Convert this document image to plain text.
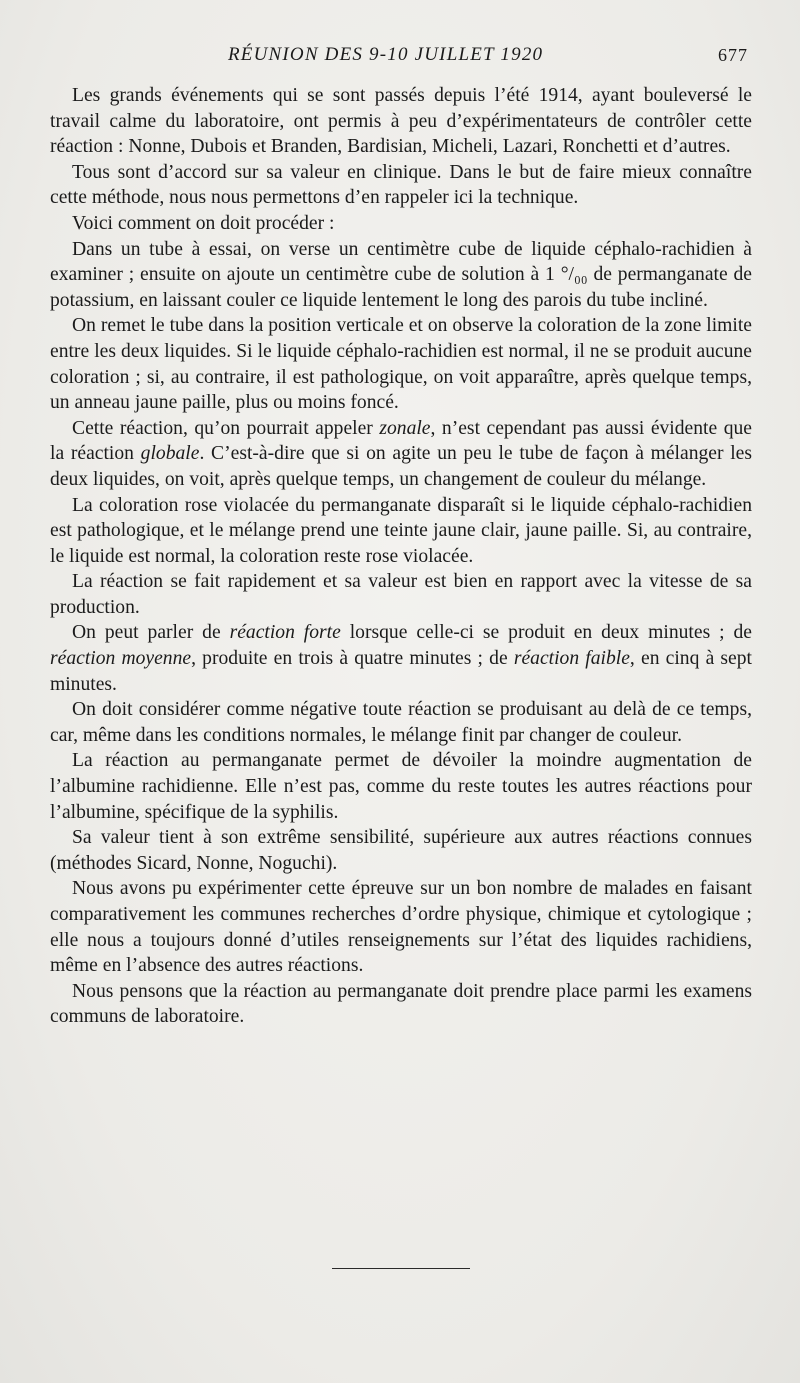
RÉUNION DES 9-10 JUILLET 1920	677

Les grands événements qui se sont passés depuis l’été 1914, ayant bouleversé le travail calme du laboratoire, ont permis à peu d’expérimentateurs de contrôler cette réaction : Nonne, Dubois et Branden, Bardisian, Micheli, Lazari, Ronchetti et d’autres.

Tous sont d’accord sur sa valeur en clinique. Dans le but de faire mieux connaître cette méthode, nous nous permettons d’en rappeler ici la technique.

Voici comment on doit procéder :

Dans un tube à essai, on verse un centimètre cube de liquide céphalo-rachidien à examiner ; ensuite on ajoute un centimètre cube de solution à 1 °/₀₀ de permanganate de potassium, en laissant couler ce liquide lentement le long des parois du tube incliné.

On remet le tube dans la position verticale et on observe la coloration de la zone limite entre les deux liquides. Si le liquide céphalo-rachidien est normal, il ne se produit aucune coloration ; si, au contraire, il est pathologique, on voit apparaître, après quelque temps, un anneau jaune paille, plus ou moins foncé.

Cette réaction, qu’on pourrait appeler zonale, n’est cependant pas aussi évidente que la réaction globale. C’est-à-dire que si on agite un peu le tube de façon à mélanger les deux liquides, on voit, après quelque temps, un changement de couleur du mélange.

La coloration rose violacée du permanganate disparaît si le liquide céphalo-rachidien est pathologique, et le mélange prend une teinte jaune clair, jaune paille. Si, au contraire, le liquide est normal, la coloration reste rose violacée.

La réaction se fait rapidement et sa valeur est bien en rapport avec la vitesse de sa production.

On peut parler de réaction forte lorsque celle-ci se produit en deux minutes ; de réaction moyenne, produite en trois à quatre minutes ; de réaction faible, en cinq à sept minutes.

On doit considérer comme négative toute réaction se produisant au delà de ce temps, car, même dans les conditions normales, le mélange finit par changer de couleur.

La réaction au permanganate permet de dévoiler la moindre augmentation de l’albumine rachidienne. Elle n’est pas, comme du reste toutes les autres réactions pour l’albumine, spécifique de la syphilis.

Sa valeur tient à son extrême sensibilité, supérieure aux autres réactions connues (méthodes Sicard, Nonne, Noguchi).

Nous avons pu expérimenter cette épreuve sur un bon nombre de malades en faisant comparativement les communes recherches d’ordre physique, chimique et cytologique ; elle nous a toujours donné d’utiles renseignements sur l’état des liquides rachidiens, même en l’absence des autres réactions.

Nous pensons que la réaction au permanganate doit prendre place parmi les examens communs de laboratoire.
